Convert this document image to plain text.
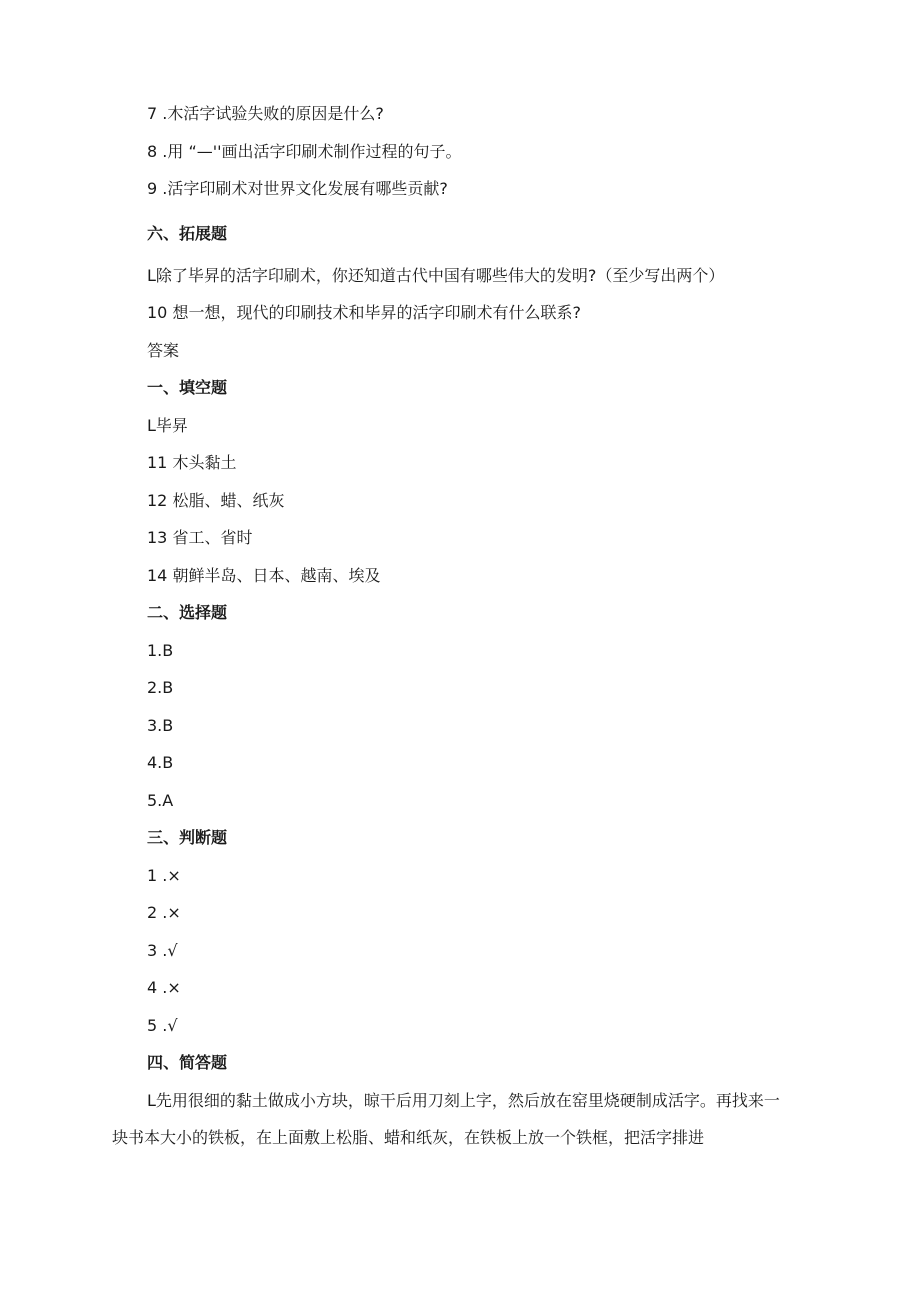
7 .木活字试验失败的原因是什么?
8 .用 “—''画出活字印刷术制作过程的句子。
9 .活字印刷术对世界文化发展有哪些贡献?
六、拓展题
L除了毕昇的活字印刷术，你还知道古代中国有哪些伟大的发明?（至少写出两个）
10 想一想，现代的印刷技术和毕昇的活字印刷术有什么联系?
答案
一、填空题
L毕昇
11 木头黏土
12 松脂、蜡、纸灰
13 省工、省时
14 朝鲜半岛、日本、越南、埃及
二、选择题
1.B
2.B
3.B
4.B
5.A
三、判断题
1 .×
2 .×
3 .√
4 .×
5 .√
四、简答题
L先用很细的黏土做成小方块，晾干后用刀刻上字，然后放在窑里烧硬制成活字。再找来一块书本大小的铁板，在上面敷上松脂、蜡和纸灰，在铁板上放一个铁框，把活字排进
